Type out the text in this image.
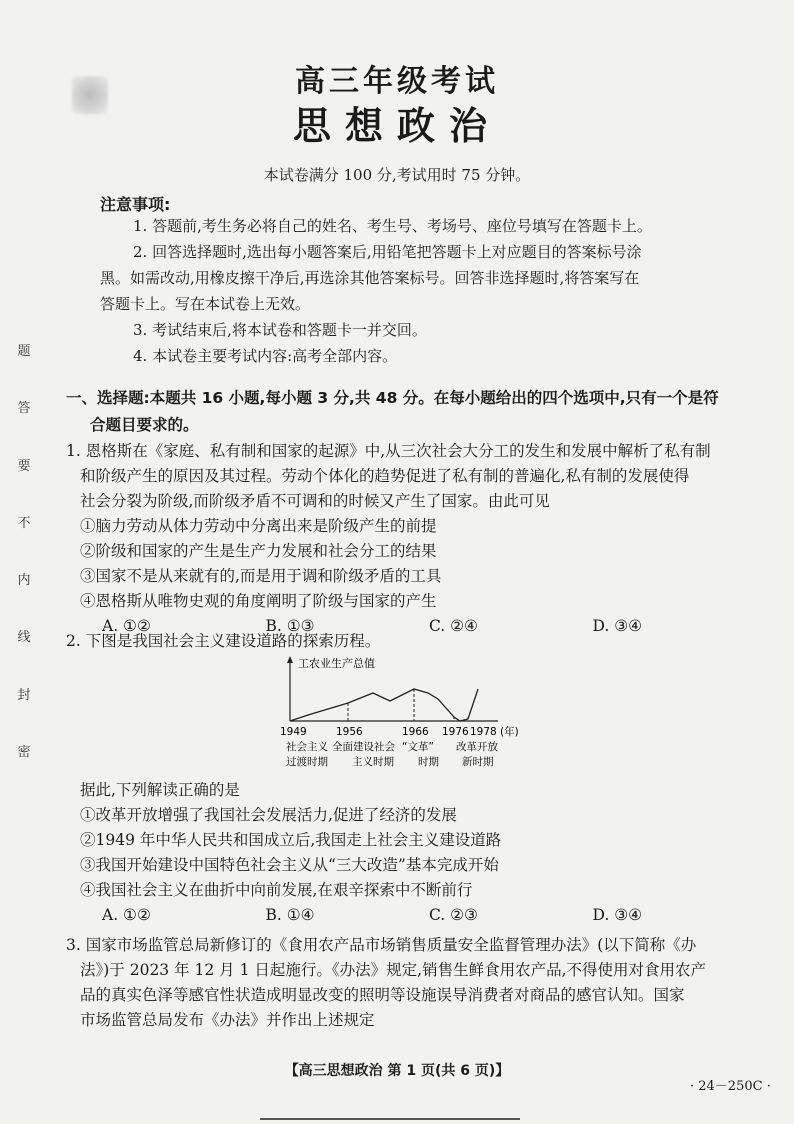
高三年级考试
思想政治
本试卷满分 100 分,考试用时 75 分钟。
注意事项:

1. 答题前,考生务必将自己的姓名、考生号、考场号、座位号填写在答题卡上。

2. 回答选择题时,选出每小题答案后,用铅笔把答题卡上对应题目的答案标号涂

黑。如需改动,用橡皮擦干净后,再选涂其他答案标号。回答非选择题时,将答案写在

答题卡上。写在本试卷上无效。

3. 考试结束后,将本试卷和答题卡一并交回。

4. 本试卷主要考试内容:高考全部内容。

题
答
要
不
内
线
封
密
一、选择题:本题共 16 小题,每小题 3 分,共 48 分。在每小题给出的四个选项中,只有一个是符
合题目要求的。

1. 恩格斯在《家庭、私有制和国家的起源》中,从三次社会大分工的发生和发展中解析了私有制

和阶级产生的原因及其过程。劳动个体化的趋势促进了私有制的普遍化,私有制的发展使得

社会分裂为阶级,而阶级矛盾不可调和的时候又产生了国家。由此可见

①脑力劳动从体力劳动中分离出来是阶级产生的前提

②阶级和国家的产生是生产力发展和社会分工的结果

③国家不是从来就有的,而是用于调和阶级矛盾的工具

④恩格斯从唯物史观的角度阐明了阶级与国家的产生

A. ①②	B. ①③	C. ②④	D. ③④

2. 下图是我国社会主义建设道路的探索历程。

工农业生产总值
1949	1956	1966 1976 1978 (年)
社会主义
过渡时期
全面建设社会
主义时期
“文革”
时期
改革开放
新时期

据此,下列解读正确的是

①改革开放增强了我国社会发展活力,促进了经济的发展

②1949 年中华人民共和国成立后,我国走上社会主义建设道路

③我国开始建设中国特色社会主义从“三大改造”基本完成开始

④我国社会主义在曲折中向前发展,在艰辛探索中不断前行

A. ①②	B. ①④	C. ②③	D. ③④

3. 国家市场监管总局新修订的《食用农产品市场销售质量安全监督管理办法》(以下简称《办

法》)于 2023 年 12 月 1 日起施行。《办法》规定,销售生鲜食用农产品,不得使用对食用农产

品的真实色泽等感官性状造成明显改变的照明等设施误导消费者对商品的感官认知。国家

市场监管总局发布《办法》并作出上述规定

【高三思想政治 第 1 页(共 6 页)】
· 24－250C ·
